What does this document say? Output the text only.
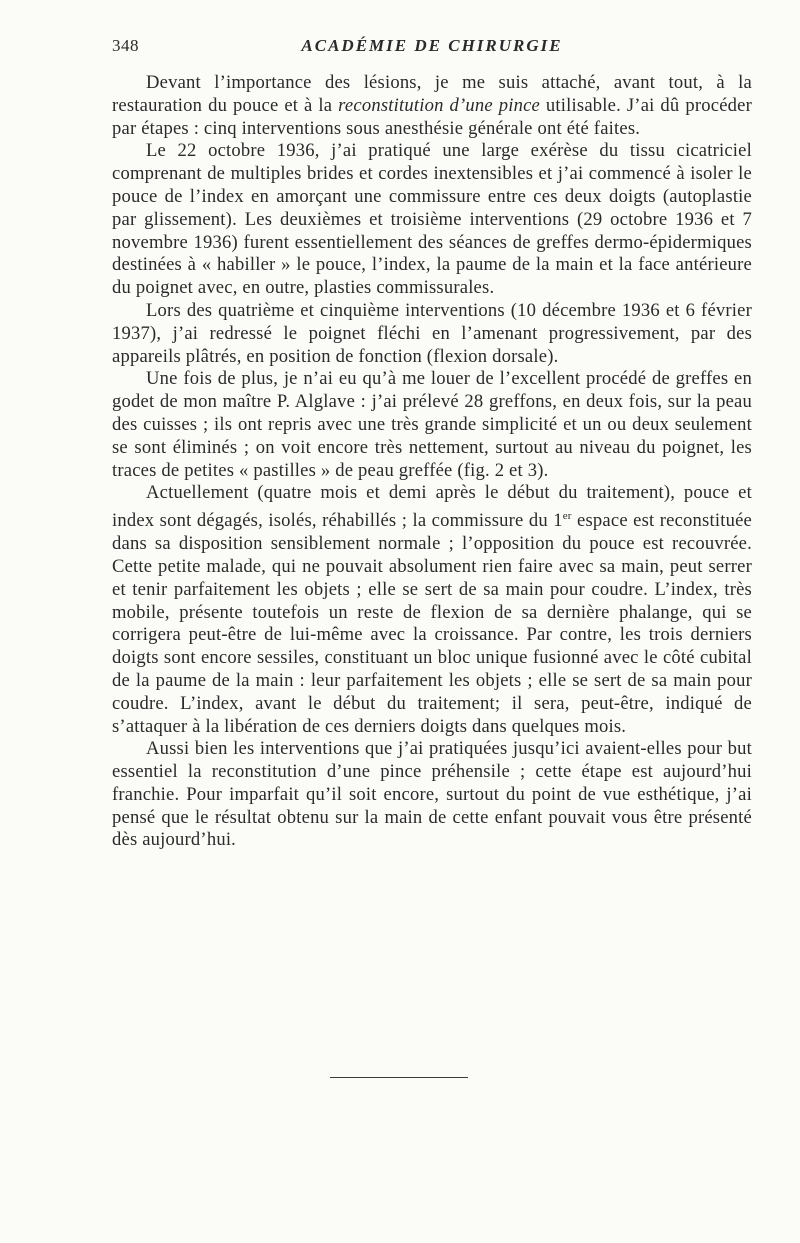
348	ACADÉMIE DE CHIRURGIE

Devant l’importance des lésions, je me suis attaché, avant tout, à la restauration du pouce et à la reconstitution d’une pince utilisable. J’ai dû procéder par étapes : cinq interventions sous anesthésie générale ont été faites.

Le 22 octobre 1936, j’ai pratiqué une large exérèse du tissu cicatriciel comprenant de multiples brides et cordes inextensibles et j’ai commencé à isoler le pouce de l’index en amorçant une commissure entre ces deux doigts (autoplastie par glissement). Les deuxièmes et troisième interventions (29 octobre 1936 et 7 novembre 1936) furent essentiellement des séances de greffes dermo-épidermiques destinées à « habiller » le pouce, l’index, la paume de la main et la face antérieure du poignet avec, en outre, plasties commissurales.

Lors des quatrième et cinquième interventions (10 décembre 1936 et 6 février 1937), j’ai redressé le poignet fléchi en l’amenant progressivement, par des appareils plâtrés, en position de fonction (flexion dorsale).

Une fois de plus, je n’ai eu qu’à me louer de l’excellent procédé de greffes en godet de mon maître P. Alglave : j’ai prélevé 28 greffons, en deux fois, sur la peau des cuisses ; ils ont repris avec une très grande simplicité et un ou deux seulement se sont éliminés ; on voit encore très nettement, surtout au niveau du poignet, les traces de petites « pastilles » de peau greffée (fig. 2 et 3).

Actuellement (quatre mois et demi après le début du traitement), pouce et index sont dégagés, isolés, réhabillés ; la commissure du 1er espace est reconstituée dans sa disposition sensiblement normale ; l’opposition du pouce est recouvrée. Cette petite malade, qui ne pouvait absolument rien faire avec sa main, peut serrer et tenir parfaitement les objets ; elle se sert de sa main pour coudre. L’index, très mobile, présente toutefois un reste de flexion de sa dernière phalange, qui se corrigera peut-être de lui-même avec la croissance. Par contre, les trois derniers doigts sont encore sessiles, constituant un bloc unique fusionné avec le côté cubital de la paume de la main : leur parfaitement les objets ; elle se sert de sa main pour coudre. L’index, avant le début du traitement; il sera, peut-être, indiqué de s’attaquer à la libération de ces derniers doigts dans quelques mois.

Aussi bien les interventions que j’ai pratiquées jusqu’ici avaient-elles pour but essentiel la reconstitution d’une pince préhensile ; cette étape est aujourd’hui franchie. Pour imparfait qu’il soit encore, surtout du point de vue esthétique, j’ai pensé que le résultat obtenu sur la main de cette enfant pouvait vous être présenté dès aujourd’hui.
